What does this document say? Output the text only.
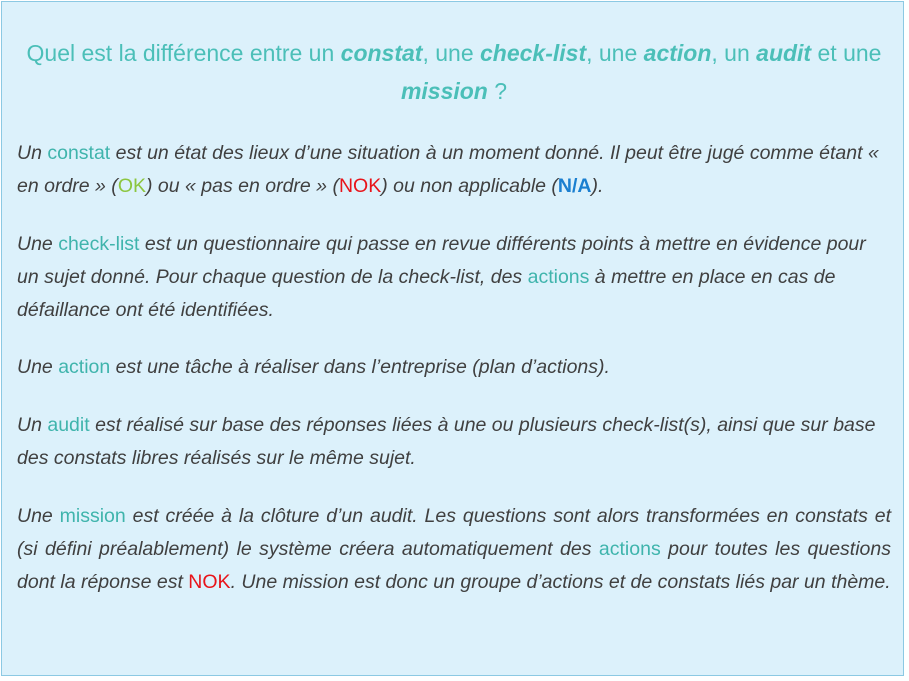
Quel est la différence entre un constat, une check-list, une action, un audit et une mission ?

Un constat est un état des lieux d’une situation à un moment donné. Il peut être jugé comme étant « en ordre » (OK) ou « pas en ordre » (NOK) ou non applicable (N/A).

Une check-list est un questionnaire qui passe en revue différents points à mettre en évidence pour un sujet donné. Pour chaque question de la check-list, des actions à mettre en place en cas de défaillance ont été identifiées.

Une action est une tâche à réaliser dans l’entreprise (plan d’actions).

Un audit est réalisé sur base des réponses liées à une ou plusieurs check-list(s), ainsi que sur base des constats libres réalisés sur le même sujet.

Une mission est créée à la clôture d’un audit. Les questions sont alors transformées en constats et (si défini préalablement) le système créera automatiquement des actions pour toutes les questions dont la réponse est NOK. Une mission est donc un groupe d’actions et de constats liés par un thème.
